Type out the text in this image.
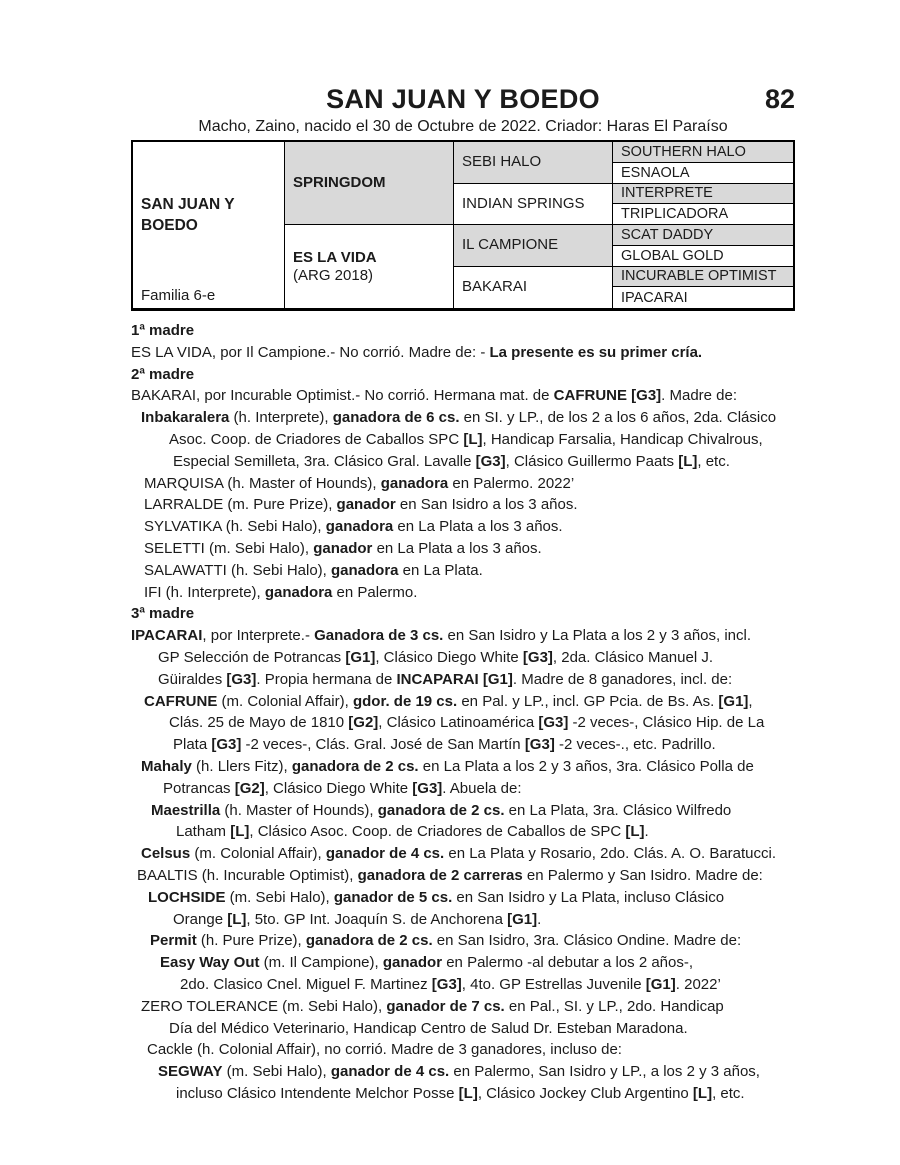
SAN JUAN Y BOEDO	82
Macho, Zaino, nacido el 30 de Octubre de 2022. Criador: Haras El Paraíso
SAN JUAN Y
BOEDO
Familia 6-e
SPRINGDOM
ES LA VIDA
(ARG 2018)
SEBI HALO
INDIAN SPRINGS
IL CAMPIONE
BAKARAI
SOUTHERN HALO
ESNAOLA
INTERPRETE
TRIPLICADORA
SCAT DADDY
GLOBAL GOLD
INCURABLE OPTIMIST
IPACARAI
1ª madre
ES LA VIDA, por Il Campione.- No corrió. Madre de: - La presente es su primer cría.
2ª madre
BAKARAI, por Incurable Optimist.- No corrió. Hermana mat. de CAFRUNE [G3]. Madre de:
Inbakaralera (h. Interprete), ganadora de 6 cs. en SI. y LP., de los 2 a los 6 años, 2da. Clásico
Asoc. Coop. de Criadores de Caballos SPC [L], Handicap Farsalia, Handicap Chivalrous,
Especial Semilleta, 3ra. Clásico Gral. Lavalle [G3], Clásico Guillermo Paats [L], etc.
MARQUISA (h. Master of Hounds), ganadora en Palermo. 2022’
LARRALDE (m. Pure Prize), ganador en San Isidro a los 3 años.
SYLVATIKA (h. Sebi Halo), ganadora en La Plata a los 3 años.
SELETTI (m. Sebi Halo), ganador en La Plata a los 3 años.
SALAWATTI (h. Sebi Halo), ganadora en La Plata.
IFI (h. Interprete), ganadora en Palermo.
3ª madre
IPACARAI, por Interprete.- Ganadora de 3 cs. en San Isidro y La Plata a los 2 y 3 años, incl.
GP Selección de Potrancas [G1], Clásico Diego White [G3], 2da. Clásico Manuel J.
Güiraldes [G3]. Propia hermana de INCAPARAI [G1]. Madre de 8 ganadores, incl. de:
CAFRUNE (m. Colonial Affair), gdor. de 19 cs. en Pal. y LP., incl. GP Pcia. de Bs. As. [G1],
Clás. 25 de Mayo de 1810 [G2], Clásico Latinoamérica [G3] -2 veces-, Clásico Hip. de La
Plata [G3] -2 veces-, Clás. Gral. José de San Martín [G3] -2 veces-., etc. Padrillo.
Mahaly (h. Llers Fitz), ganadora de 2 cs. en La Plata a los 2 y 3 años, 3ra. Clásico Polla de
Potrancas [G2], Clásico Diego White [G3]. Abuela de:
Maestrilla (h. Master of Hounds), ganadora de 2 cs. en La Plata, 3ra. Clásico Wilfredo
Latham [L], Clásico Asoc. Coop. de Criadores de Caballos de SPC [L].
Celsus (m. Colonial Affair), ganador de 4 cs. en La Plata y Rosario, 2do. Clás. A. O. Baratucci.
BAALTIS (h. Incurable Optimist), ganadora de 2 carreras en Palermo y San Isidro. Madre de:
LOCHSIDE (m. Sebi Halo), ganador de 5 cs. en San Isidro y La Plata, incluso Clásico
Orange [L], 5to. GP Int. Joaquín S. de Anchorena [G1].
Permit (h. Pure Prize), ganadora de 2 cs. en San Isidro, 3ra. Clásico Ondine. Madre de:
Easy Way Out (m. Il Campione), ganador en Palermo -al debutar a los 2 años-,
2do. Clasico Cnel. Miguel F. Martinez [G3], 4to. GP Estrellas Juvenile [G1]. 2022’
ZERO TOLERANCE (m. Sebi Halo), ganador de 7 cs. en Pal., SI. y LP., 2do. Handicap
Día del Médico Veterinario, Handicap Centro de Salud Dr. Esteban Maradona.
Cackle (h. Colonial Affair), no corrió. Madre de 3 ganadores, incluso de:
SEGWAY (m. Sebi Halo), ganador de 4 cs. en Palermo, San Isidro y LP., a los 2 y 3 años,
incluso Clásico Intendente Melchor Posse [L], Clásico Jockey Club Argentino [L], etc.
